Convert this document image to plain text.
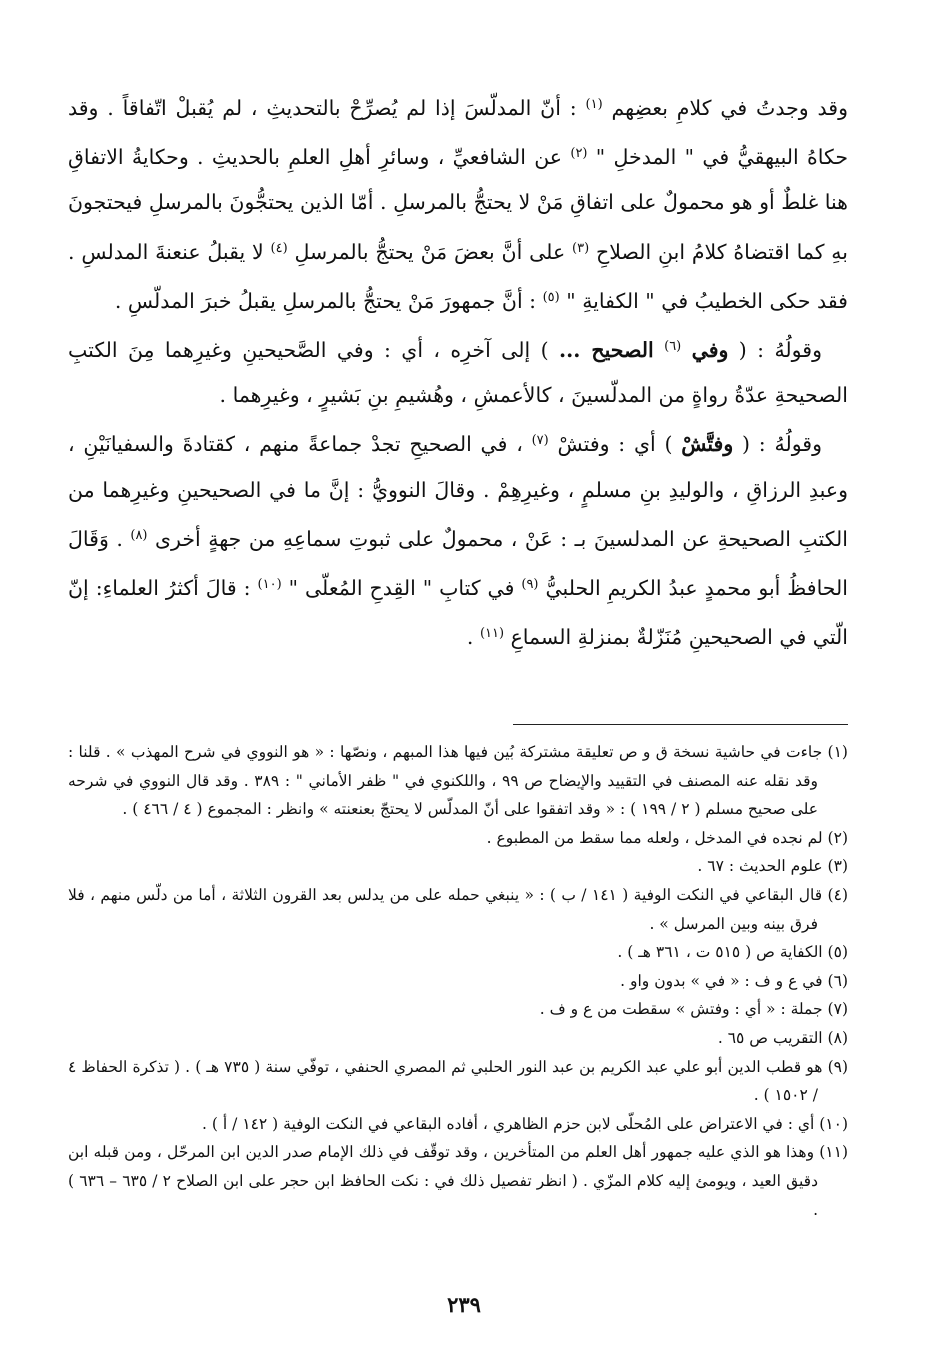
وقد وجدتُ في كلامِ بعضِهم $^{(١)}$ : أنّ المدلّسَ إذا لم يُصرِّحْ بالتحديثِ ، لم يُقبلْ اتّفاقاً . وقد حكاهُ البيهقيُّ في " المدخلِ " $^{(٢)}$ عن الشافعيِّ ، وسائرِ أهلِ العلمِ بالحديثِ . وحكايةُ الاتفاقِ هنا غلطٌ أو هو محمولٌ على اتفاقِ مَنْ لا يحتجُّ بالمرسلِ . أمّا الذين يحتجُّونَ بالمرسلِ فيحتجونَ بهِ كما اقتضاهُ كلامُ ابنِ الصلاحِ $^{(٣)}$ على أنَّ بعضَ مَنْ يحتجُّ بالمرسلِ $^{(٤)}$ لا يقبلُ عنعنةَ المدلسِ . فقد حكى الخطيبُ في " الكفايةِ " $^{(٥)}$ : أنَّ جمهورَ مَنْ يحتجُّ بالمرسلِ يقبلُ خبرَ المدلّسِ .

وقولُهُ : ( وفي $^{(٦)}$ الصحيح ... ) إلى آخرِه ، أي : وفي الصَّحيحينِ وغيرِهما مِنَ الكتبِ الصحيحةِ عدّةُ رواةٍ من المدلّسينَ ، كالأعمشِ ، وهُشيمِ بنِ بَشيرٍ ، وغيرِهما .

وقولُهُ : ( وفتَّشْ ) أي : وفتشْ $^{(٧)}$ ، في الصحيحِ تجدْ جماعةً منهم ، كقتادةَ والسفيانَيْنِ ، وعبدِ الرزاقِ ، والوليدِ بنِ مسلمٍ ، وغيرِهِمْ . وقالَ النوويُّ : إنَّ ما في الصحيحينِ وغيرِهما من الكتبِ الصحيحةِ عن المدلسينَ بـ : عَنْ ، محمولٌ على ثبوتِ سماعِهِ من جهةٍ أخرى $^{(٨)}$ . وَقَالَ الحافظُ أبو محمدٍ عبدُ الكريمِ الحلبيُّ $^{(٩)}$ في كتابِ " القِدحِ المُعلّى " $^{(١٠)}$ : قالَ أكثرُ العلماءِ: إنّ الّتي في الصحيحينِ مُنَزّلةٌ بمنزلةِ السماعِ $^{(١١)}$ .

(١) جاءت في حاشية نسخة ق و ص تعليقة مشتركة بُين فيها هذا المبهم ، ونصّها : « هو النووي في شرح المهذب » . قلنا : وقد نقله عنه المصنف في التقييد والإيضاح ص ٩٩ ، واللكنوي في " ظفر الأماني " : ٣٨٩ . وقد قال النووي في شرحه على صحيح مسلم ( ٢ / ١٩٩ ) : « وقد اتفقوا على أنّ المدلّس لا يحتجّ بعنعنته » وانظر : المجموع ( ٤ / ٤٦٦ ) .

(٢) لم نجده في المدخل ، ولعله مما سقط من المطبوع .

(٣) علوم الحديث : ٦٧ .

(٤) قال البقاعي في النكت الوفية ( ١٤١ / ب ) : « ينبغي حمله على من يدلس بعد القرون الثلاثة ، أما من دلّس منهم ، فلا فرق بينه وبين المرسل » .

(٥) الكفاية ص ( ٥١٥ ت ، ٣٦١ هـ ) .

(٦) في ع و ف : « في » بدون واو .

(٧) جملة : « أي : وفتش » سقطت من ع و ف .

(٨) التقريب ص ٦٥ .

(٩) هو قطب الدين أبو علي عبد الكريم بن عبد النور الحلبي ثم المصري الحنفي ، توفّي سنة ( ٧٣٥ هـ ) . ( تذكرة الحفاظ ٤ / ١٥٠٢ ) .

(١٠) أي : في الاعتراض على المُحلّى لابن حزم الظاهري ، أفاده البقاعي في النكت الوفية ( ١٤٢ / أ ) .

(١١) وهذا هو الذي عليه جمهور أهل العلم من المتأخرين ، وقد توقّف في ذلك الإمام صدر الدين ابن المرحّل ، ومن قبله ابن دقيق العيد ، ويومئ إليه كلام المزّي . ( انظر تفصيل ذلك في : نكت الحافظ ابن حجر على ابن الصلاح ٢ / ٦٣٥ – ٦٣٦ ) .

٢٣٩
